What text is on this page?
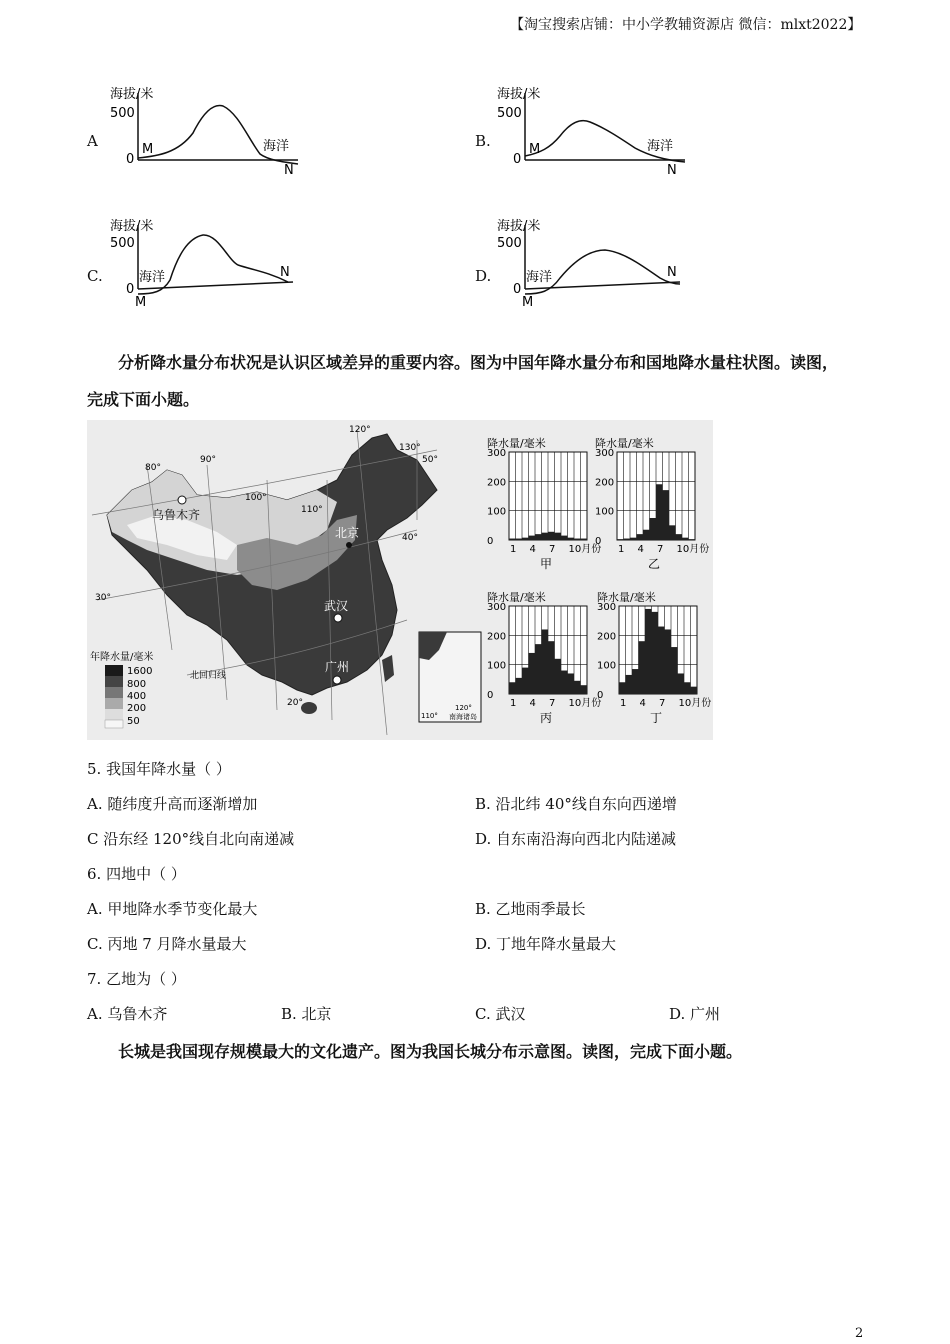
【淘宝搜索店铺：中小学教辅资源店 微信：mlxt2022】
A	B.
C.	D.
海拔/米
500
0
M	海洋
N
海拔/米
500
0
M	海洋
N
海拔/米
500
0
海洋
M
N
海拔/米
500
0
海洋
M
N
分析降水量分布状况是认识区域差异的重要内容。图为中国年降水量分布和国地降水量柱状图。读图，
完成下面小题。
乌鲁木齐
北京
武汉
广州
80°
90°
100°
110°
120°
130°
50°
40°
30°
20°
北回归线
年降水量/毫米
1600
800
400
200
50	110°
120°
南海诸岛
降水量/毫米
300
200
100
0
1 4 7 10月份
甲
降水量/毫米
300
200
100
0
1 4 7 10月份
乙
降水量/毫米
300
200
100
0
1 4 7 10月份
丙
降水量/毫米
300
200
100
0
1 4 7 10月份
丁
5. 我国年降水量（ ）
A. 随纬度升高而逐渐增加	B. 沿北纬 40°线自东向西递增
C 沿东经 120°线自北向南递减	D. 自东南沿海向西北内陆递减
6. 四地中（ ）
A. 甲地降水季节变化最大	B. 乙地雨季最长
C. 丙地 7 月降水量最大	D. 丁地年降水量最大
7. 乙地为（ ）
A. 乌鲁木齐	B. 北京	C. 武汉	D. 广州
长城是我国现存规模最大的文化遗产。图为我国长城分布示意图。读图，完成下面小题。
2
